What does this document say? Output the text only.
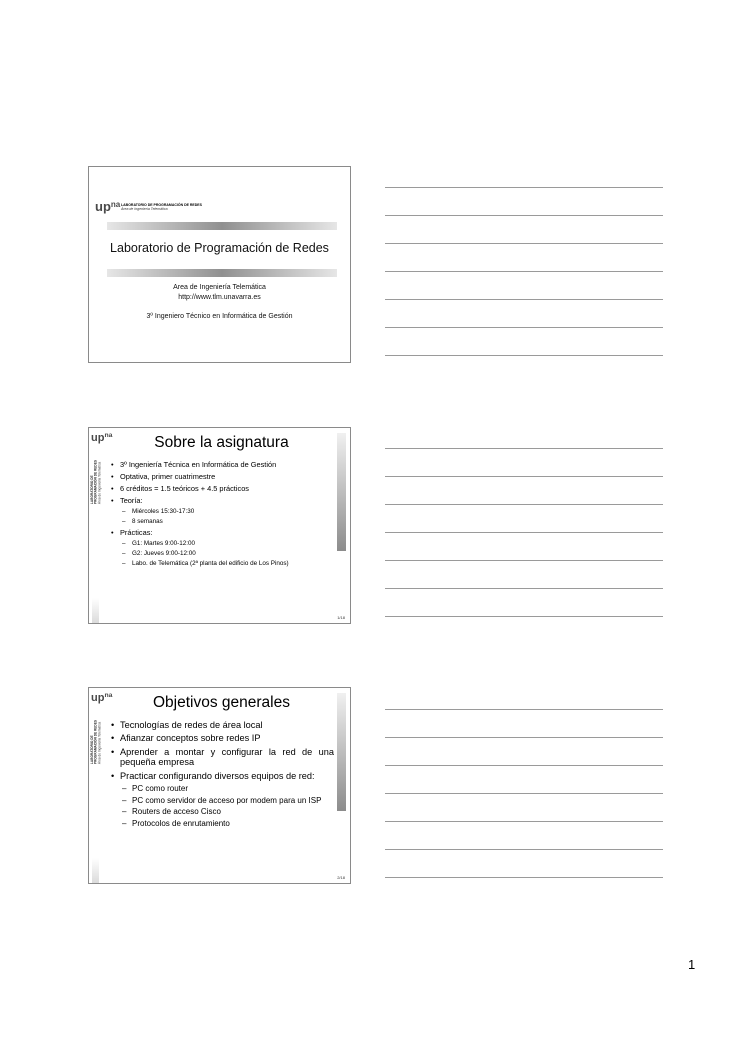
$up^{na}$ LABORATORIO DE PROGRAMACIÓN DE REDES
Área de Ingeniería Telemática
Laboratorio de Programación de Redes
Area de Ingeniería Telemática
http://www.tlm.unavarra.es
3º Ingeniero Técnico en Informática de Gestión
$up^{na}$
LABORATORIO DE PROGRAMACIÓN DE REDES Área de Ingeniería Telemática
Sobre la asignatura
• 3º Ingeniería Técnica en Informática de Gestión
• Optativa, primer cuatrimestre
• 6 créditos = 1.5 teóricos + 4.5 prácticos
• Teoría:
– Miércoles 15:30-17:30
– 8 semanas
• Prácticas:
– G1: Martes 9:00-12:00
– G2: Jueves 9:00-12:00
– Labo. de Telemática (2ª planta del edificio de Los Pinos)
1/18
$up^{na}$
LABORATORIO DE PROGRAMACIÓN DE REDES Área de Ingeniería Telemática
Objetivos generales
• Tecnologías de redes de área local
• Afianzar conceptos sobre redes IP
• Aprender a montar y configurar la red de una pequeña empresa
• Practicar configurando diversos equipos de red:
– PC como router
– PC como servidor de acceso por modem para un ISP
– Routers de acceso Cisco
– Protocolos de enrutamiento
2/18
1
